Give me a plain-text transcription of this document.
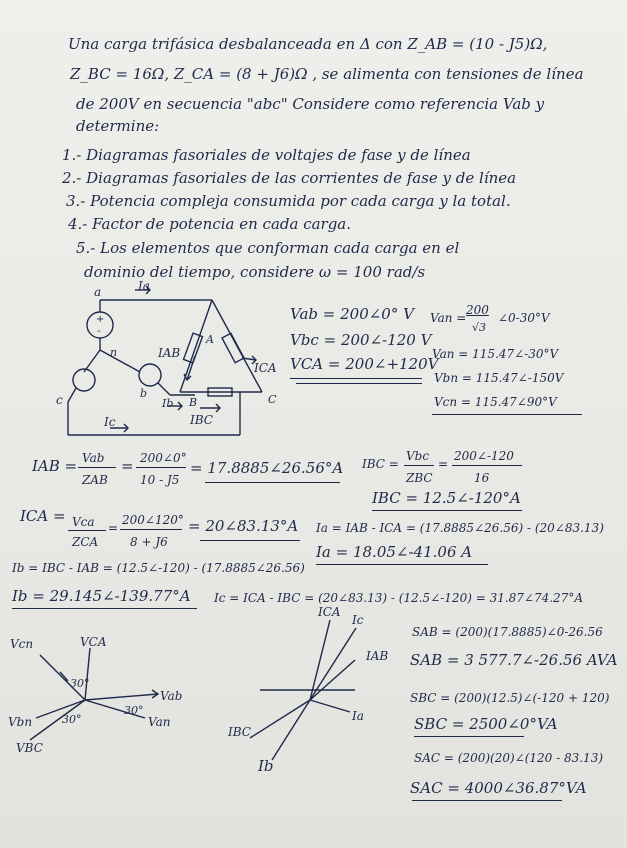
Una carga trifásica desbalanceada en Δ con Z_AB = (10 - J5)Ω,
Z_BC = 16Ω, Z_CA = (8 + J6)Ω , se alimenta con tensiones de línea
de 200V en secuencia "abc" Considere como referencia Vab y
determine:
1.- Diagramas fasoriales de voltajes de fase y de línea
2.- Diagramas fasoriales de las corrientes de fase y de línea
3.- Potencia compleja consumida por cada carga y la total.
4.- Factor de potencia en cada carga.
5.- Los elementos que conforman cada carga en el
dominio del tiempo, considere ω = 100 rad/s
+
-
a	Ia
n
A
IAB
ICA
c	b
Ib B	C
IBC
Ic
Vab = 200∠0° V
Vbc = 200∠-120 V
VCA = 200∠+120V
Van =
200
√3
∠0-30°V
Van = 115.47∠-30°V
Vbn = 115.47∠-150V
Vcn = 115.47∠90°V
IAB = Vab
ZAB
= 200∠0°
10 - J5
= 17.8885∠26.56°A IBC =
Vbc
ZBC
=
200∠-120
16
IBC = 12.5∠-120°A
ICA = Vca
ZCA
=
200∠120°
8 + J6
= 20∠83.13°A Ia = IAB - ICA = (17.8885∠26.56) - (20∠83.13)
Ia = 18.05∠-41.06 A
Ib = IBC - IAB = (12.5∠-120) - (17.8885∠26.56)
Ib = 29.145∠-139.77°A Ic = ICA - IBC = (20∠83.13) - (12.5∠-120) = 31.87∠74.27°A
Vcn	VCA
30°
Vab
30°
Van
30°
Vbn
VBC
ICA
Ic
IAB
Ia
IBC
Ib
SAB = (200)(17.8885)∠0-26.56
SAB = 3 577.7∠-26.56 AVA
SBC = (200)(12.5)∠(-120 + 120)
SBC = 2500∠0°VA
SAC = (200)(20)∠(120 - 83.13)
SAC = 4000∠36.87°VA
